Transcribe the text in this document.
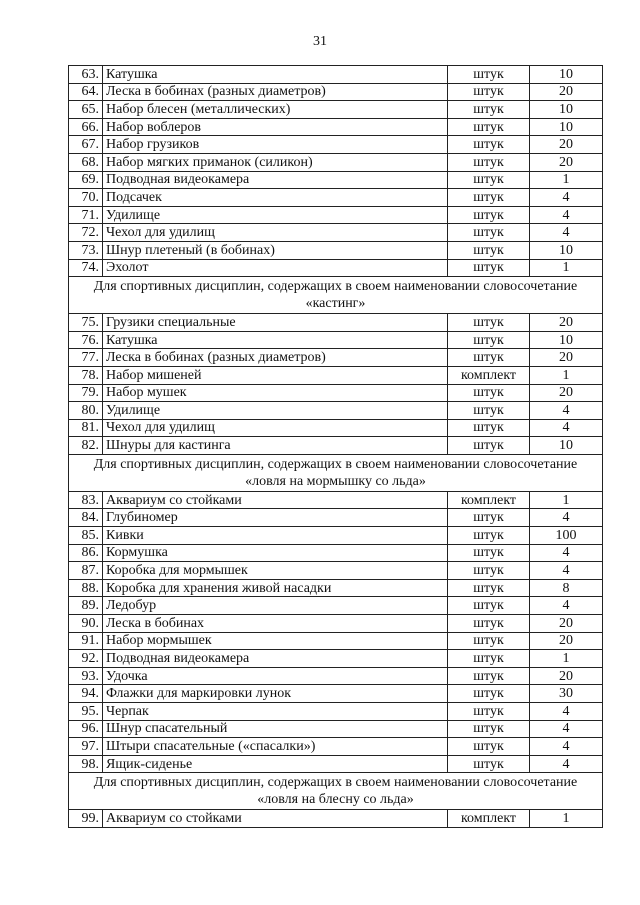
31
63.	Катушка	штук	10
64.	Леска в бобинах (разных диаметров)	штук	20
65.	Набор блесен (металлических)	штук	10
66.	Набор воблеров	штук	10
67.	Набор грузиков	штук	20
68.	Набор мягких приманок (силикон)	штук	20
69.	Подводная видеокамера	штук	1
70.	Подсачек	штук	4
71.	Удилище	штук	4
72.	Чехол для удилищ	штук	4
73.	Шнур плетеный (в бобинах)	штук	10
74.	Эхолот	штук	1
Для спортивных дисциплин, содержащих в своем наименовании словосочетание «кастинг»			
75.	Грузики специальные	штук	20
76.	Катушка	штук	10
77.	Леска в бобинах (разных диаметров)	штук	20
78.	Набор мишеней	комплект	1
79.	Набор мушек	штук	20
80.	Удилище	штук	4
81.	Чехол для удилищ	штук	4
82.	Шнуры для кастинга	штук	10
Для спортивных дисциплин, содержащих в своем наименовании словосочетание «ловля на мормышку со льда»			
83.	Аквариум со стойками	комплект	1
84.	Глубиномер	штук	4
85.	Кивки	штук	100
86.	Кормушка	штук	4
87.	Коробка для мормышек	штук	4
88.	Коробка для хранения живой насадки	штук	8
89.	Ледобур	штук	4
90.	Леска в бобинах	штук	20
91.	Набор мормышек	штук	20
92.	Подводная видеокамера	штук	1
93.	Удочка	штук	20
94.	Флажки для маркировки лунок	штук	30
95.	Черпак	штук	4
96.	Шнур спасательный	штук	4
97.	Штыри спасательные («спасалки»)	штук	4
98.	Ящик-сиденье	штук	4
Для спортивных дисциплин, содержащих в своем наименовании словосочетание «ловля на блесну со льда»			
99.	Аквариум со стойками	комплект	1
